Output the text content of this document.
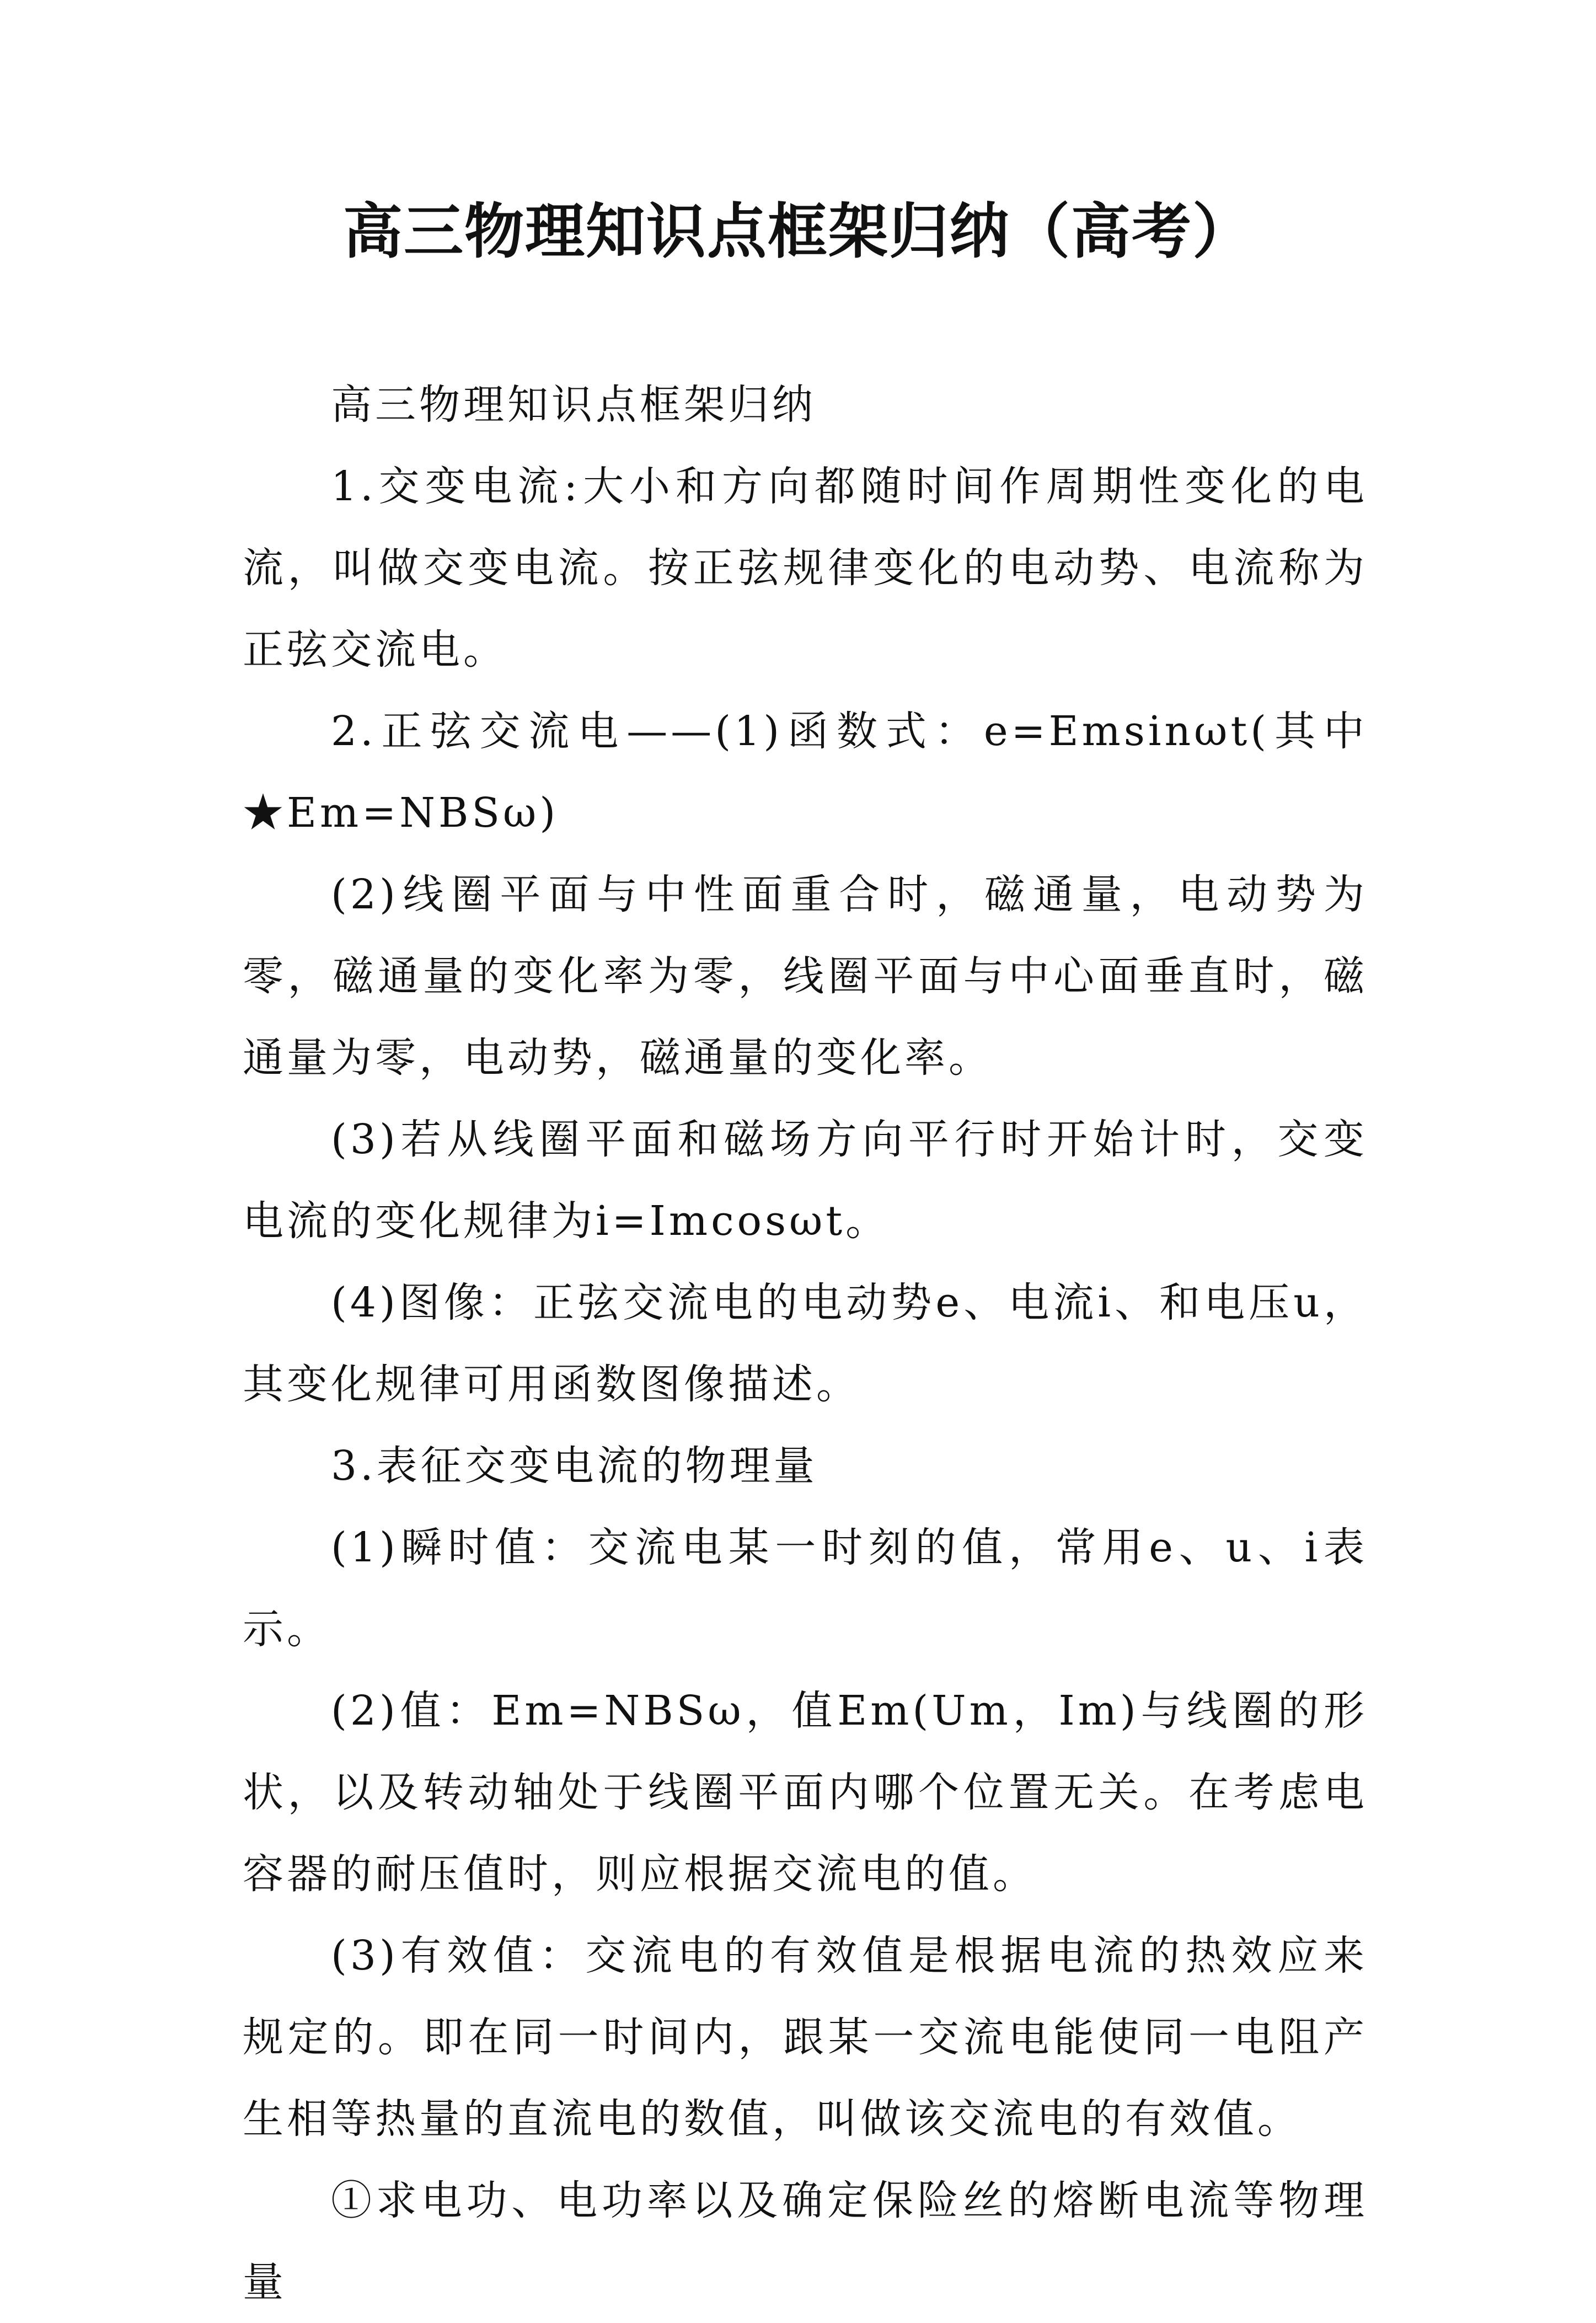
高三物理知识点框架归纳（高考）

高三物理知识点框架归纳

1.交变电流:大小和方向都随时间作周期性变化的电流，叫做交变电流。按正弦规律变化的电动势、电流称为正弦交流电。

2.正弦交流电——(1)函数式：e=Emsinωt(其中★Em=NBSω)

(2)线圈平面与中性面重合时，磁通量，电动势为零，磁通量的变化率为零，线圈平面与中心面垂直时，磁通量为零，电动势，磁通量的变化率。

(3)若从线圈平面和磁场方向平行时开始计时，交变电流的变化规律为i=Imcosωt。

(4)图像：正弦交流电的电动势e、电流i、和电压u，其变化规律可用函数图像描述。

3.表征交变电流的物理量

(1)瞬时值：交流电某一时刻的值，常用e、u、i表示。

(2)值：Em=NBSω，值Em(Um，Im)与线圈的形状，以及转动轴处于线圈平面内哪个位置无关。在考虑电容器的耐压值时，则应根据交流电的值。

(3)有效值：交流电的有效值是根据电流的热效应来规定的。即在同一时间内，跟某一交流电能使同一电阻产生相等热量的直流电的数值，叫做该交流电的有效值。

①求电功、电功率以及确定保险丝的熔断电流等物理量
